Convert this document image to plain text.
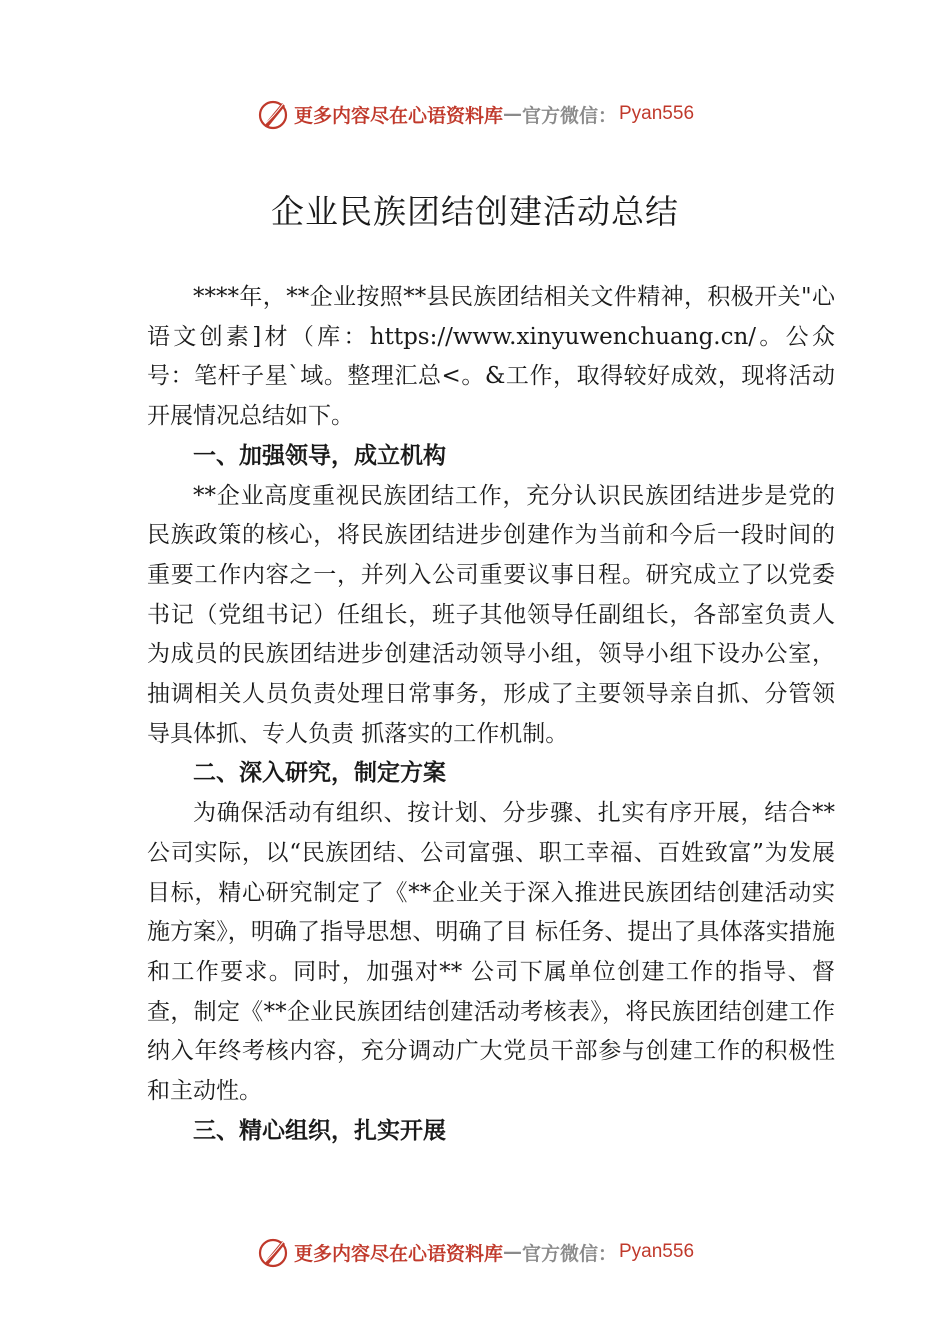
更多内容尽在心语资料库 — 官方微信： Pyan556
企业民族团结创建活动总结

****年，**企业按照**县民族团结相关文件精神，积极开关"心语文创素]材（库：https://www.xinyuwenchuang.cn/。公众号：笔杆子星`域。整理汇总<。&工作，取得较好成效，现将活动开展情况总结如下。

一、加强领导，成立机构

**企业高度重视民族团结工作，充分认识民族团结进步是党的民族政策的核心，将民族团结进步创建作为当前和今后一段时间的重要工作内容之一，并列入公司重要议事日程。研究成立了以党委书记（党组书记）任组长，班子其他领导任副组长，各部室负责人为成员的民族团结进步创建活动领导小组，领导小组下设办公室，抽调相关人员负责处理日常事务，形成了主要领导亲自抓、分管领导具体抓、专人负责 抓落实的工作机制。

二、深入研究，制定方案

为确保活动有组织、按计划、分步骤、扎实有序开展，结合**公司实际，以“民族团结、公司富强、职工幸福、百姓致富”为发展目标，精心研究制定了《**企业关于深入推进民族团结创建活动实施方案》，明确了指导思想、明确了目 标任务、提出了具体落实措施和工作要求。同时，加强对** 公司下属单位创建工作的指导、督查，制定《**企业民族团结创建活动考核表》，将民族团结创建工作纳入年终考核内容，充分调动广大党员干部参与创建工作的积极性和主动性。

三、精心组织，扎实开展
更多内容尽在心语资料库 — 官方微信： Pyan556
